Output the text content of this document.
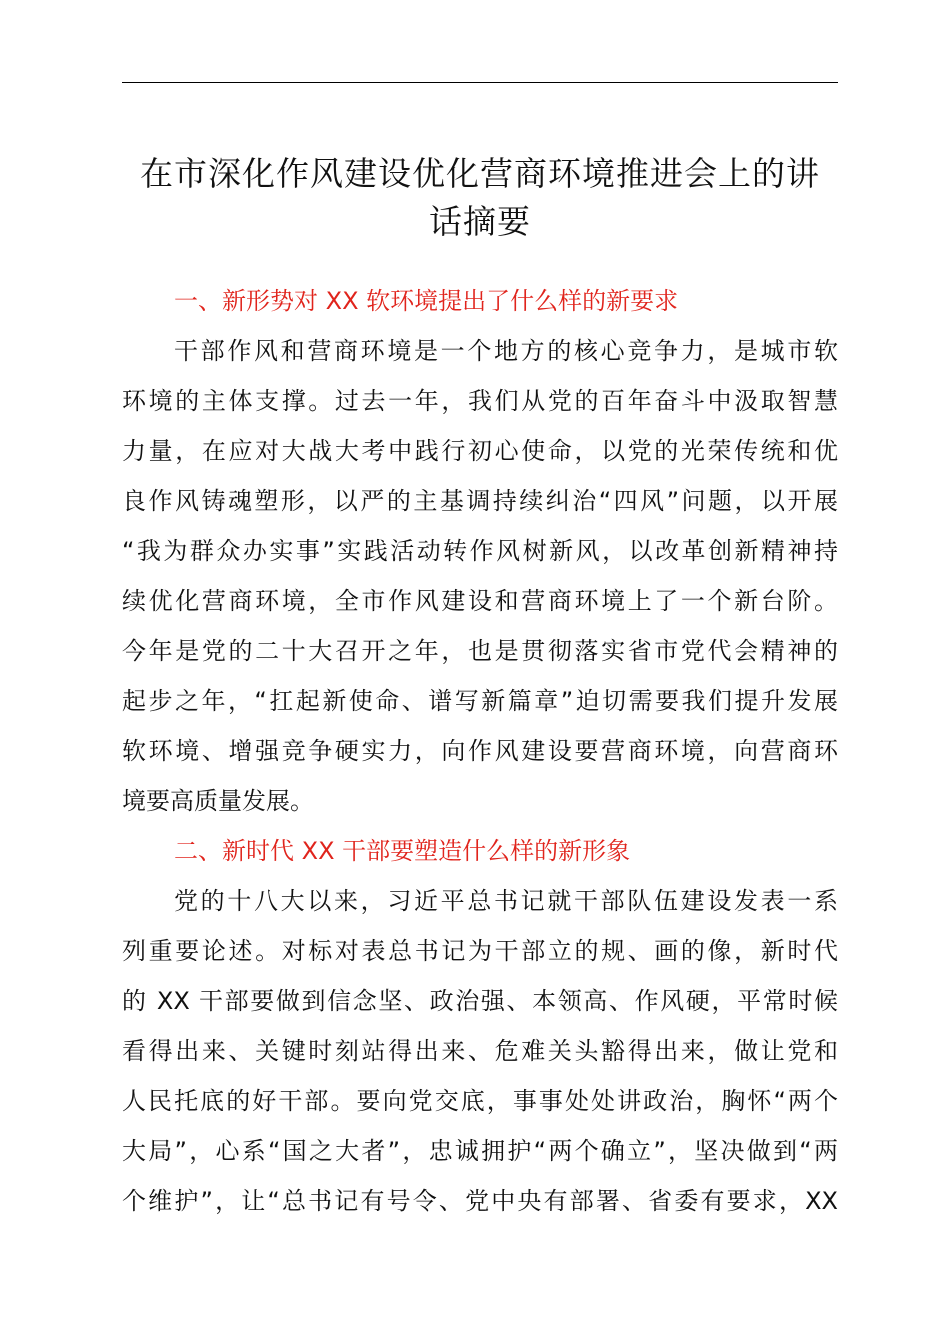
在市深化作风建设优化营商环境推进会上的讲
话摘要
一、新形势对 XX 软环境提出了什么样的新要求

干部作风和营商环境是一个地方的核心竞争力，是城市软
环境的主体支撑。过去一年，我们从党的百年奋斗中汲取智慧
力量，在应对大战大考中践行初心使命，以党的光荣传统和优
良作风铸魂塑形，以严的主基调持续纠治“四风”问题，以开展
“我为群众办实事”实践活动转作风树新风，以改革创新精神持
续优化营商环境，全市作风建设和营商环境上了一个新台阶。
今年是党的二十大召开之年，也是贯彻落实省市党代会精神的
起步之年，“扛起新使命、谱写新篇章”迫切需要我们提升发展
软环境、增强竞争硬实力，向作风建设要营商环境，向营商环
境要高质量发展。

二、新时代 XX 干部要塑造什么样的新形象

党的十八大以来，习近平总书记就干部队伍建设发表一系
列重要论述。对标对表总书记为干部立的规、画的像，新时代
的 XX 干部要做到信念坚、政治强、本领高、作风硬，平常时候
看得出来、关键时刻站得出来、危难关头豁得出来，做让党和
人民托底的好干部。要向党交底，事事处处讲政治，胸怀“两个
大局”，心系“国之大者”，忠诚拥护“两个确立”，坚决做到“两
个维护”，让“总书记有号令、党中央有部署、省委有要求，XX
